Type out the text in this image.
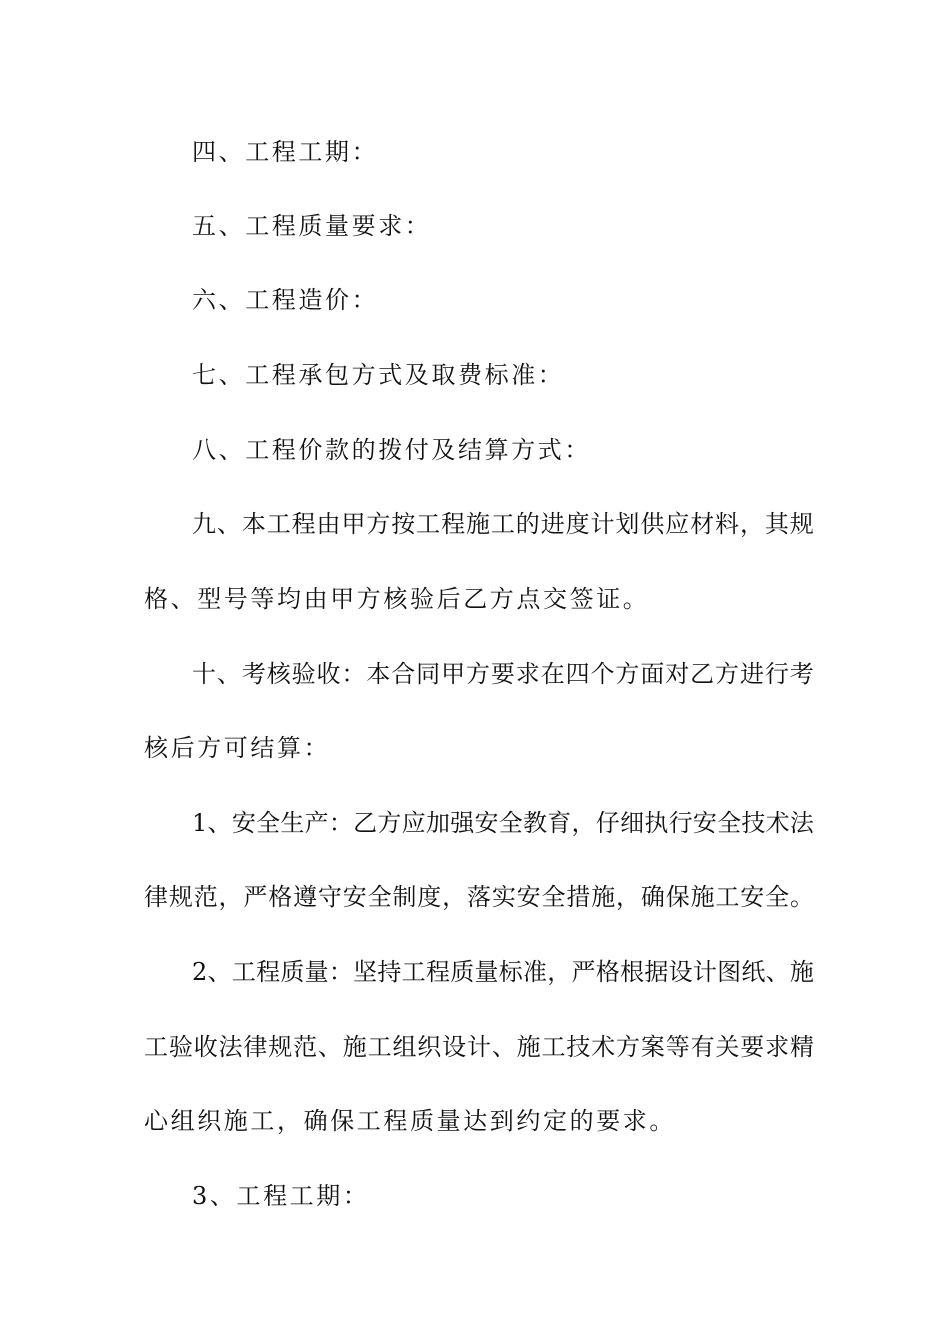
四、工程工期：
五、工程质量要求：
六、工程造价：
七、工程承包方式及取费标准：
八、工程价款的拨付及结算方式：
九 、 本 工 程 由 甲 方 按 工 程 施 工 的 进 度 计 划 供 应 材 料 ， 其 规
格、型号等均由甲方核验后乙方点交签证。
十 、 考 核 验 收 ： 本 合 同 甲 方 要 求 在 四 个 方 面 对 乙 方 进 行 考
核后方可结算：
1 、 安 全 生 产 ： 乙 方 应 加 强 安 全 教 育 ， 仔 细 执 行 安 全 技 术 法
律 规 范 ， 严 格 遵 守 安 全 制 度 ， 落 实 安 全 措 施 ， 确 保 施 工 安 全 。
2 、 工 程 质 量 ： 坚 持 工 程 质 量 标 准 ， 严 格 根 据 设 计 图 纸 、 施
工 验 收 法 律 规 范 、 施 工 组 织 设 计 、 施 工 技 术 方 案 等 有 关 要 求 精
心组织施工，确保工程质量达到约定的要求。
3、工程工期：
